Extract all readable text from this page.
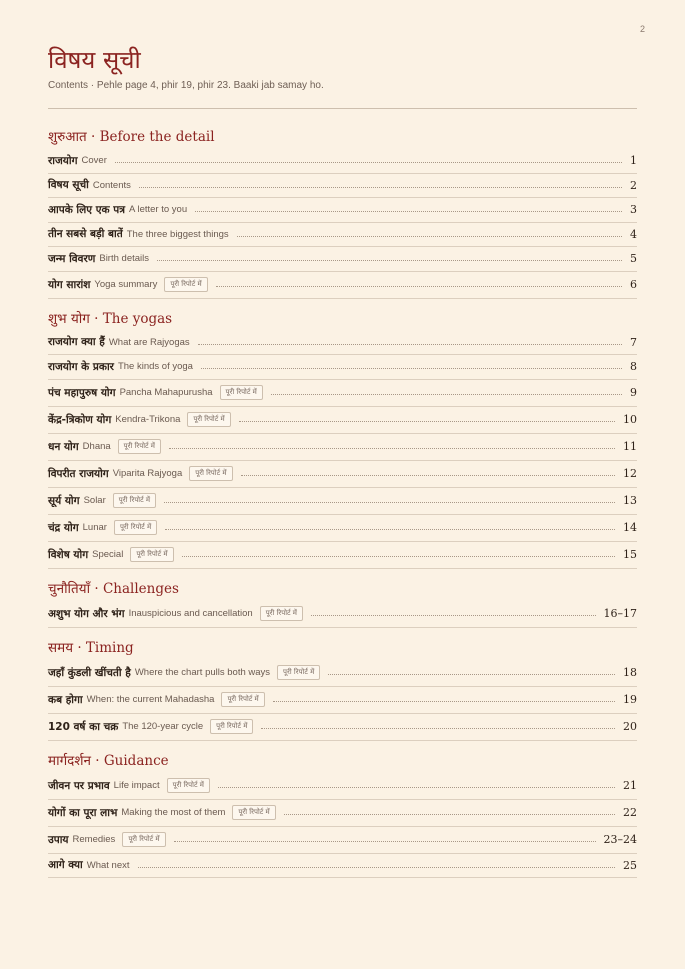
2
विषय सूची
Contents · Pehle page 4, phir 19, phir 23. Baaki jab samay ho.
शुरुआत · Before the detail
राजयोग Cover	1
विषय सूची Contents	2
आपके लिए एक पत्र A letter to you	3
तीन सबसे बड़ी बातें The three biggest things	4
जन्म विवरण Birth details	5
योग सारांश Yoga summary	पूरी रिपोर्ट में	6
शुभ योग · The yogas
राजयोग क्या हैं What are Rajyogas	7
राजयोग के प्रकार The kinds of yoga	8
पंच महापुरुष योग Pancha Mahapurusha	पूरी रिपोर्ट में	9
केंद्र-त्रिकोण योग Kendra-Trikona	पूरी रिपोर्ट में	10
धन योग Dhana	पूरी रिपोर्ट में	11
विपरीत राजयोग Viparita Rajyoga	पूरी रिपोर्ट में	12
सूर्य योग Solar	पूरी रिपोर्ट में	13
चंद्र योग Lunar	पूरी रिपोर्ट में	14
विशेष योग Special	पूरी रिपोर्ट में	15
चुनौतियाँ · Challenges
अशुभ योग और भंग Inauspicious and cancellation	पूरी रिपोर्ट में	16–17
समय · Timing
जहाँ कुंडली खींचती है Where the chart pulls both ways	पूरी रिपोर्ट में	18
कब होगा When: the current Mahadasha	पूरी रिपोर्ट में	19
120 वर्ष का चक्र The 120-year cycle	पूरी रिपोर्ट में	20
मार्गदर्शन · Guidance
जीवन पर प्रभाव Life impact	पूरी रिपोर्ट में	21
योगों का पूरा लाभ Making the most of them	पूरी रिपोर्ट में	22
उपाय Remedies	पूरी रिपोर्ट में	23–24
आगे क्या What next	25
